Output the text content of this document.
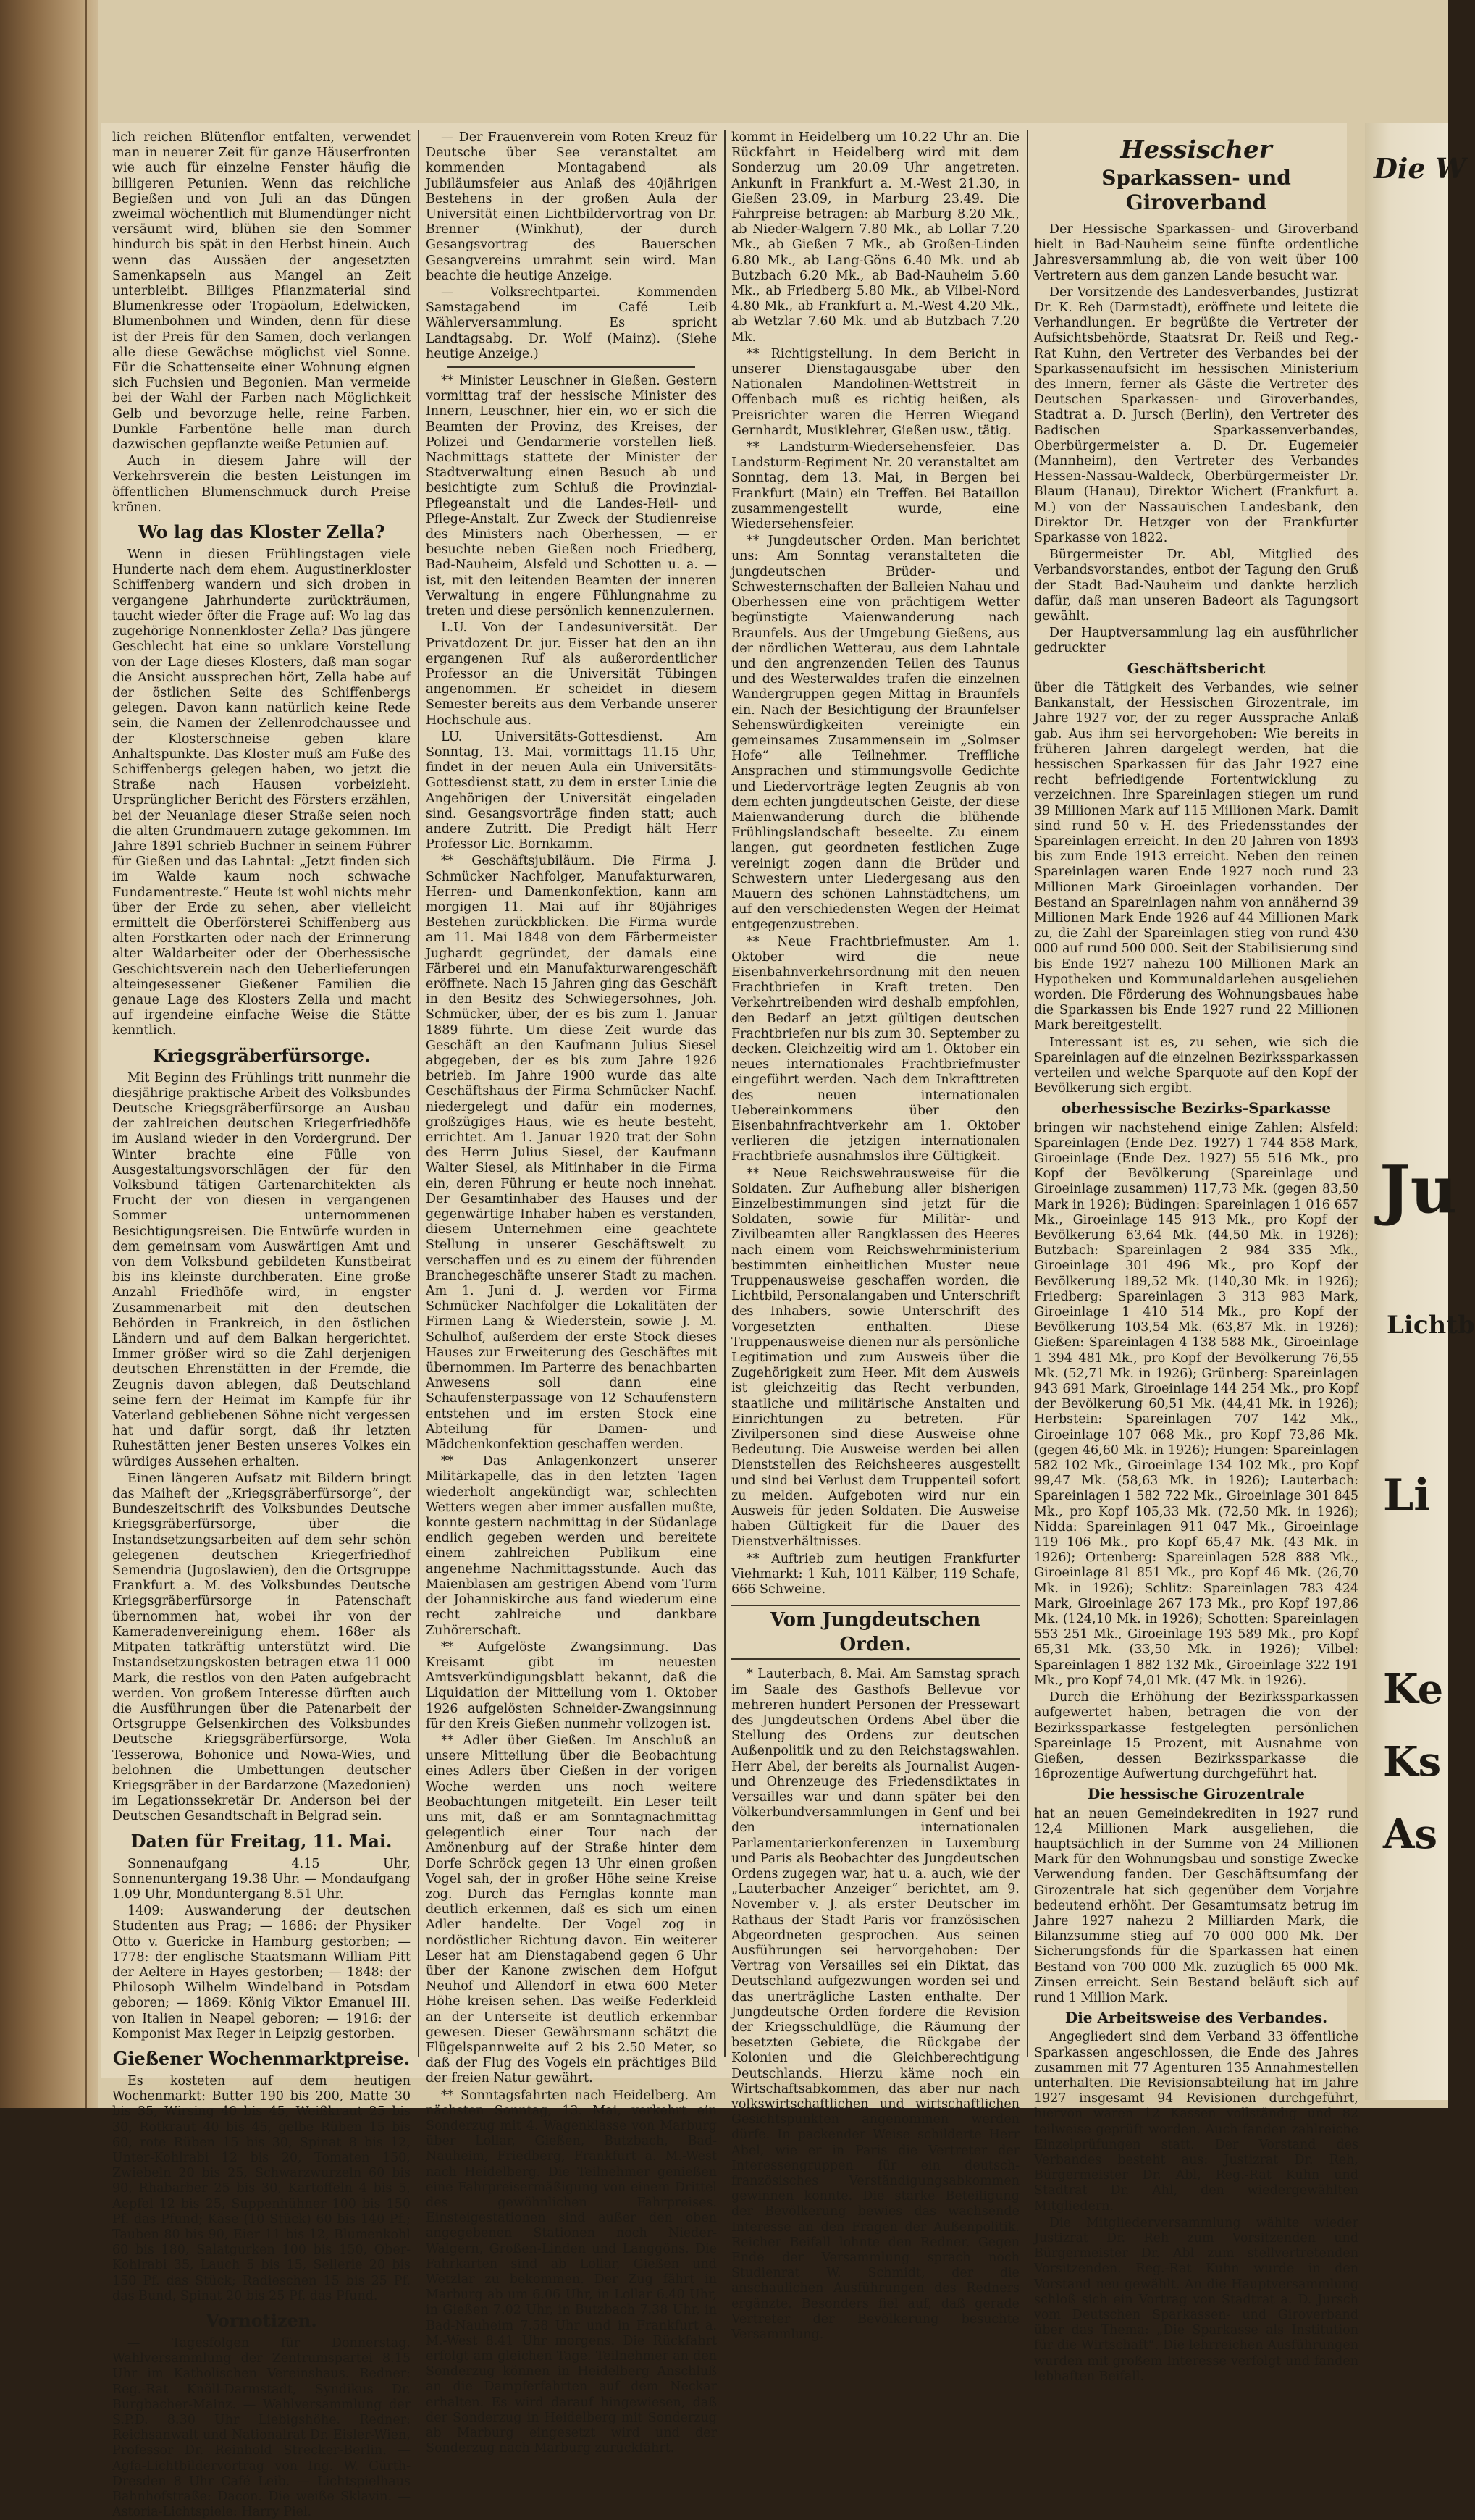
lich reichen Blütenflor entfalten, verwendet man in neuerer Zeit für ganze Häuserfronten wie auch für einzelne Fenster häufig die billigeren Petunien. Wenn das reichliche Begießen und von Juli an das Düngen zweimal wöchentlich mit Blumendünger nicht versäumt wird, blühen sie den Sommer hindurch bis spät in den Herbst hinein. Auch wenn das Aussäen der angesetzten Samenkapseln aus Mangel an Zeit unterbleibt. Billiges Pflanzmaterial sind Blumenkresse oder Tropäolum, Edelwicken, Blumenbohnen und Winden, denn für diese ist der Preis für den Samen, doch verlangen alle diese Gewächse möglichst viel Sonne. Für die Schattenseite einer Wohnung eignen sich Fuchsien und Begonien. Man vermeide bei der Wahl der Farben nach Möglichkeit Gelb und bevorzuge helle, reine Farben. Dunkle Farbentöne helle man durch dazwischen gepflanzte weiße Petunien auf.

Auch in diesem Jahre will der Verkehrsverein die besten Leistungen im öffentlichen Blumenschmuck durch Preise krönen.

Wo lag das Kloster Zella?

Wenn in diesen Frühlingstagen viele Hunderte nach dem ehem. Augustinerkloster Schiffenberg wandern und sich droben in vergangene Jahrhunderte zurückträumen, taucht wieder öfter die Frage auf: Wo lag das zugehörige Nonnenkloster Zella? Das jüngere Geschlecht hat eine so unklare Vorstellung von der Lage dieses Klosters, daß man sogar die Ansicht aussprechen hört, Zella habe auf der östlichen Seite des Schiffenbergs gelegen. Davon kann natürlich keine Rede sein, die Namen der Zellenrodchaussee und der Klosterschneise geben klare Anhaltspunkte. Das Kloster muß am Fuße des Schiffenbergs gelegen haben, wo jetzt die Straße nach Hausen vorbeizieht. Ursprünglicher Bericht des Försters erzählen, bei der Neuanlage dieser Straße seien noch die alten Grundmauern zutage gekommen. Im Jahre 1891 schrieb Buchner in seinem Führer für Gießen und das Lahntal: „Jetzt finden sich im Walde kaum noch schwache Fundamentreste.“ Heute ist wohl nichts mehr über der Erde zu sehen, aber vielleicht ermittelt die Oberförsterei Schiffenberg aus alten Forstkarten oder nach der Erinnerung alter Waldarbeiter oder der Oberhessische Geschichtsverein nach den Ueberlieferungen alteingesessener Gießener Familien die genaue Lage des Klosters Zella und macht auf irgendeine einfache Weise die Stätte kenntlich.

Kriegsgräberfürsorge.

Mit Beginn des Frühlings tritt nunmehr die diesjährige praktische Arbeit des Volksbundes Deutsche Kriegsgräberfürsorge an Ausbau der zahlreichen deutschen Kriegerfriedhöfe im Ausland wieder in den Vordergrund. Der Winter brachte eine Fülle von Ausgestaltungsvorschlägen der für den Volksbund tätigen Gartenarchitekten als Frucht der von diesen in vergangenen Sommer unternommenen Besichtigungsreisen. Die Entwürfe wurden in dem gemeinsam vom Auswärtigen Amt und von dem Volksbund gebildeten Kunstbeirat bis ins kleinste durchberaten. Eine große Anzahl Friedhöfe wird, in engster Zusammenarbeit mit den deutschen Behörden in Frankreich, in den östlichen Ländern und auf dem Balkan hergerichtet. Immer größer wird so die Zahl derjenigen deutschen Ehrenstätten in der Fremde, die Zeugnis davon ablegen, daß Deutschland seine fern der Heimat im Kampfe für ihr Vaterland gebliebenen Söhne nicht vergessen hat und dafür sorgt, daß ihr letzten Ruhestätten jener Besten unseres Volkes ein würdiges Aussehen erhalten.

Einen längeren Aufsatz mit Bildern bringt das Maiheft der „Kriegsgräberfürsorge“, der Bundeszeitschrift des Volksbundes Deutsche Kriegsgräberfürsorge, über die Instandsetzungsarbeiten auf dem sehr schön gelegenen deutschen Kriegerfriedhof Semendria (Jugoslawien), den die Ortsgruppe Frankfurt a. M. des Volksbundes Deutsche Kriegsgräberfürsorge in Patenschaft übernommen hat, wobei ihr von der Kameradenvereinigung ehem. 168er als Mitpaten tatkräftig unterstützt wird. Die Instandsetzungskosten betragen etwa 11 000 Mark, die restlos von den Paten aufgebracht werden. Von großem Interesse dürften auch die Ausführungen über die Patenarbeit der Ortsgruppe Gelsenkirchen des Volksbundes Deutsche Kriegsgräberfürsorge, Wola Tesserowa, Bohonice und Nowa-Wies, und belohnen die Umbettungen deutscher Kriegsgräber in der Bardarzone (Mazedonien) im Legationssekretär Dr. Anderson bei der Deutschen Gesandtschaft in Belgrad sein.

Daten für Freitag, 11. Mai.

Sonnenaufgang 4.15 Uhr, Sonnenuntergang 19.38 Uhr. — Mondaufgang 1.09 Uhr, Monduntergang 8.51 Uhr.

1409: Auswanderung der deutschen Studenten aus Prag; — 1686: der Physiker Otto v. Guericke in Hamburg gestorben; — 1778: der englische Staatsmann William Pitt der Aeltere in Hayes gestorben; — 1848: der Philosoph Wilhelm Windelband in Potsdam geboren; — 1869: König Viktor Emanuel III. von Italien in Neapel geboren; — 1916: der Komponist Max Reger in Leipzig gestorben.

Gießener Wochenmarktpreise.

Es kosteten auf dem heutigen Wochenmarkt: Butter 190 bis 200, Matte 30 bis 35, Wirsing 40 bis 45, Weißkraut 25 bis 30, Rotkraut 40 bis 45, gelbe Rüben 15 bis 60, rote Rüben 15 bis 30, Spinat 8 bis 12, Unter-Kohlrabi 12 bis 20, Tomaten 150, Zwiebeln 20 bis 25, Schwarzwurzeln 60 bis 90, Rhabarber 25 bis 30, Kartoffeln 4 bis 5, Aepfel 12 bis 25, Suppenhühner 100 bis 150 Pf. das Pfund; Käse (10 Stück) 60 bis 140 Pf.; Tauben 80 bis 90, Eier 11 bis 12, Blumenkohl 60 bis 180, Salatgurken 100 bis 150, Ober-Kohlrabi 35, Lauch 5 bis 15, Sellerie 20 bis 150 Pf. das Stück; Radieschen 15 bis 25 Pf. das Bund, Spinat 20 bis 25 Pf. das Pfund.

Vornotizen.

— Tagesfolgen für Donnerstag. Wahlversammlung der Zentrumspartei 8.15 Uhr im Katholischen Vereinshaus. Redner: Reg.-Rat Knöll-Darmstadt, Syndikus Dr. Burgbacher-Mainz. — Wahlversammlung der S.P.D. 8.30 Uhr Liebigshöhe. Redner: Reichsanwalt und Nationalrat Dr. Eisler-Wien, Professor Dr. Reinhold Strecker-Berlin. — Agfa-Lichtbildervortrag von Ing. W. Gürth-Dresden 8 Uhr Café Leib. — Lichtspielhaus Bahnhofstraße: Dacon. Die weiße Sklavin. — Astoria-Lichtspiele: Harry Piel.

— Der Frauenverein vom Roten Kreuz für Deutsche über See veranstaltet am kommenden Montagabend als Jubiläumsfeier aus Anlaß des 40jährigen Bestehens in der großen Aula der Universität einen Lichtbildervortrag von Dr. Brenner (Winkhut), der durch Gesangsvortrag des Bauerschen Gesangvereins umrahmt sein wird. Man beachte die heutige Anzeige.

— Volksrechtpartei. Kommenden Samstagabend im Café Leib Wählerversammlung. Es spricht Landtagsabg. Dr. Wolf (Mainz). (Siehe heutige Anzeige.)

** Minister Leuschner in Gießen. Gestern vormittag traf der hessische Minister des Innern, Leuschner, hier ein, wo er sich die Beamten der Provinz, des Kreises, der Polizei und Gendarmerie vorstellen ließ. Nachmittags stattete der Minister der Stadtverwaltung einen Besuch ab und besichtigte zum Schluß die Provinzial-Pflegeanstalt und die Landes-Heil- und Pflege-Anstalt. Zur Zweck der Studienreise des Ministers nach Oberhessen, — er besuchte neben Gießen noch Friedberg, Bad-Nauheim, Alsfeld und Schotten u. a. — ist, mit den leitenden Beamten der inneren Verwaltung in engere Fühlungnahme zu treten und diese persönlich kennenzulernen.

L.U. Von der Landesuniversität. Der Privatdozent Dr. jur. Eisser hat den an ihn ergangenen Ruf als außerordentlicher Professor an die Universität Tübingen angenommen. Er scheidet in diesem Semester bereits aus dem Verbande unserer Hochschule aus.

LU. Universitäts-Gottesdienst. Am Sonntag, 13. Mai, vormittags 11.15 Uhr, findet in der neuen Aula ein Universitäts-Gottesdienst statt, zu dem in erster Linie die Angehörigen der Universität eingeladen sind. Gesangsvorträge finden statt; auch andere Zutritt. Die Predigt hält Herr Professor Lic. Bornkamm.

** Geschäftsjubiläum. Die Firma J. Schmücker Nachfolger, Manufakturwaren, Herren- und Damenkonfektion, kann am morgigen 11. Mai auf ihr 80jähriges Bestehen zurückblicken. Die Firma wurde am 11. Mai 1848 von dem Färbermeister Jughardt gegründet, der damals eine Färberei und ein Manufakturwarengeschäft eröffnete. Nach 15 Jahren ging das Geschäft in den Besitz des Schwiegersohnes, Joh. Schmücker, über, der es bis zum 1. Januar 1889 führte. Um diese Zeit wurde das Geschäft an den Kaufmann Julius Siesel abgegeben, der es bis zum Jahre 1926 betrieb. Im Jahre 1900 wurde das alte Geschäftshaus der Firma Schmücker Nachf. niedergelegt und dafür ein modernes, großzügiges Haus, wie es heute besteht, errichtet. Am 1. Januar 1920 trat der Sohn des Herrn Julius Siesel, der Kaufmann Walter Siesel, als Mitinhaber in die Firma ein, deren Führung er heute noch innehat. Der Gesamtinhaber des Hauses und der gegenwärtige Inhaber haben es verstanden, diesem Unternehmen eine geachtete Stellung in unserer Geschäftswelt zu verschaffen und es zu einem der führenden Branchegeschäfte unserer Stadt zu machen. Am 1. Juni d. J. werden vor Firma Schmücker Nachfolger die Lokalitäten der Firmen Lang & Wiederstein, sowie J. M. Schulhof, außerdem der erste Stock dieses Hauses zur Erweiterung des Geschäftes mit übernommen. Im Parterre des benachbarten Anwesens soll dann eine Schaufensterpassage von 12 Schaufenstern entstehen und im ersten Stock eine Abteilung für Damen- und Mädchenkonfektion geschaffen werden.

** Das Anlagenkonzert unserer Militärkapelle, das in den letzten Tagen wiederholt angekündigt war, schlechten Wetters wegen aber immer ausfallen mußte, konnte gestern nachmittag in der Südanlage endlich gegeben werden und bereitete einem zahlreichen Publikum eine angenehme Nachmittagsstunde. Auch das Maienblasen am gestrigen Abend vom Turm der Johanniskirche aus fand wiederum eine recht zahlreiche und dankbare Zuhörerschaft.

** Aufgelöste Zwangsinnung. Das Kreisamt gibt im neuesten Amtsverkündigungsblatt bekannt, daß die Liquidation der Mitteilung vom 1. Oktober 1926 aufgelösten Schneider-Zwangsinnung für den Kreis Gießen nunmehr vollzogen ist.

** Adler über Gießen. Im Anschluß an unsere Mitteilung über die Beobachtung eines Adlers über Gießen in der vorigen Woche werden uns noch weitere Beobachtungen mitgeteilt. Ein Leser teilt uns mit, daß er am Sonntagnachmittag gelegentlich einer Tour nach der Amönenburg auf der Straße hinter dem Dorfe Schröck gegen 13 Uhr einen großen Vogel sah, der in großer Höhe seine Kreise zog. Durch das Fernglas konnte man deutlich erkennen, daß es sich um einen Adler handelte. Der Vogel zog in nordöstlicher Richtung davon. Ein weiterer Leser hat am Dienstagabend gegen 6 Uhr über der Kanone zwischen dem Hofgut Neuhof und Allendorf in etwa 600 Meter Höhe kreisen sehen. Das weiße Federkleid an der Unterseite ist deutlich erkennbar gewesen. Dieser Gewährsmann schätzt die Flügelspannweite auf 2 bis 2.50 Meter, so daß der Flug des Vogels ein prächtiges Bild der freien Natur gewährt.

** Sonntagsfahrten nach Heidelberg. Am nächsten Sonntag, 13. Mai, verkehrt ein Sonderzug mit 4. Wagenklasse von Marburg über Lollar, Gießen, Butzbach, Bad-Nauheim, Friedberg, Frankfurt a. M.-West nach Heidelberg. Die Teilnehmer genießen eine Fahrpreisermäßigung von einem Drittel des gewöhnlichen Fahrpreises. Einsteigestationen sind außer den oben angegebenen Stationen noch Nieder-Walgern, Großen-Linden und Langgöns. Die Fahrkarten sind ab Lollar, Gießen und Wetzlar zu bekommen. Der Zug fährt in Marburg ab um 6.06 Uhr, in Lollar 6.40 Uhr, in Gießen 7.02 Uhr, in Butzbach 7.38 Uhr, in Bad-Nauheim 7.58 Uhr und in Frankfurt a. M.-West 8.41 Uhr morgens. Die Rückfahrt erfolgt am gleichen Tage. Teilnehmer an den Sonderzug können in Heidelberg Anschluß an die Dampferfahrten auf dem Neckar erhalten. Es wird darauf hingewiesen, daß der Sonderzug in Heidelberg mit Sonderzug ab Marburg eingesetzt wird und der Sonderzug nach Marburg zurückfährt.

kommt in Heidelberg um 10.22 Uhr an. Die Rückfahrt in Heidelberg wird mit dem Sonderzug um 20.09 Uhr angetreten. Ankunft in Frankfurt a. M.-West 21.30, in Gießen 23.09, in Marburg 23.49. Die Fahrpreise betragen: ab Marburg 8.20 Mk., ab Nieder-Walgern 7.80 Mk., ab Lollar 7.20 Mk., ab Gießen 7 Mk., ab Großen-Linden 6.80 Mk., ab Lang-Göns 6.40 Mk. und ab Butzbach 6.20 Mk., ab Bad-Nauheim 5.60 Mk., ab Friedberg 5.80 Mk., ab Vilbel-Nord 4.80 Mk., ab Frankfurt a. M.-West 4.20 Mk., ab Wetzlar 7.60 Mk. und ab Butzbach 7.20 Mk.

** Richtigstellung. In dem Bericht in unserer Dienstagausgabe über den Nationalen Mandolinen-Wettstreit in Offenbach muß es richtig heißen, als Preisrichter waren die Herren Wiegand Gernhardt, Musiklehrer, Gießen usw., tätig.

** Landsturm-Wiedersehensfeier. Das Landsturm-Regiment Nr. 20 veranstaltet am Sonntag, dem 13. Mai, in Bergen bei Frankfurt (Main) ein Treffen. Bei Bataillon zusammengestellt wurde, eine Wiedersehensfeier.

** Jungdeutscher Orden. Man berichtet uns: Am Sonntag veranstalteten die jungdeutschen Brüder- und Schwesternschaften der Balleien Nahau und Oberhessen eine von prächtigem Wetter begünstigte Maienwanderung nach Braunfels. Aus der Umgebung Gießens, aus der nördlichen Wetterau, aus dem Lahntale und den angrenzenden Teilen des Taunus und des Westerwaldes trafen die einzelnen Wandergruppen gegen Mittag in Braunfels ein. Nach der Besichtigung der Braunfelser Sehenswürdigkeiten vereinigte ein gemeinsames Zusammensein im „Solmser Hofe“ alle Teilnehmer. Treffliche Ansprachen und stimmungsvolle Gedichte und Liedervorträge legten Zeugnis ab von dem echten jungdeutschen Geiste, der diese Maienwanderung durch die blühende Frühlingslandschaft beseelte. Zu einem langen, gut geordneten festlichen Zuge vereinigt zogen dann die Brüder und Schwestern unter Liedergesang aus den Mauern des schönen Lahnstädtchens, um auf den verschiedensten Wegen der Heimat entgegenzustreben.

** Neue Frachtbriefmuster. Am 1. Oktober wird die neue Eisenbahnverkehrsordnung mit den neuen Frachtbriefen in Kraft treten. Den Verkehrtreibenden wird deshalb empfohlen, den Bedarf an jetzt gültigen deutschen Frachtbriefen nur bis zum 30. September zu decken. Gleichzeitig wird am 1. Oktober ein neues internationales Frachtbriefmuster eingeführt werden. Nach dem Inkrafttreten des neuen internationalen Uebereinkommens über den Eisenbahnfrachtverkehr am 1. Oktober verlieren die jetzigen internationalen Frachtbriefe ausnahmslos ihre Gültigkeit.

** Neue Reichswehrausweise für die Soldaten. Zur Aufhebung aller bisherigen Einzelbestimmungen sind jetzt für die Soldaten, sowie für Militär- und Zivilbeamten aller Rangklassen des Heeres nach einem vom Reichswehrministerium bestimmten einheitlichen Muster neue Truppenausweise geschaffen worden, die Lichtbild, Personalangaben und Unterschrift des Inhabers, sowie Unterschrift des Vorgesetzten enthalten. Diese Truppenausweise dienen nur als persönliche Legitimation und zum Ausweis über die Zugehörigkeit zum Heer. Mit dem Ausweis ist gleichzeitig das Recht verbunden, staatliche und militärische Anstalten und Einrichtungen zu betreten. Für Zivilpersonen sind diese Ausweise ohne Bedeutung. Die Ausweise werden bei allen Dienststellen des Reichsheeres ausgestellt und sind bei Verlust dem Truppenteil sofort zu melden. Aufgeboten wird nur ein Ausweis für jeden Soldaten. Die Ausweise haben Gültigkeit für die Dauer des Dienstverhältnisses.

** Auftrieb zum heutigen Frankfurter Viehmarkt: 1 Kuh, 1011 Kälber, 119 Schafe, 666 Schweine.

Vom Jungdeutschen Orden.

* Lauterbach, 8. Mai. Am Samstag sprach im Saale des Gasthofs Bellevue vor mehreren hundert Personen der Pressewart des Jungdeutschen Ordens Abel über die Stellung des Ordens zur deutschen Außenpolitik und zu den Reichstagswahlen. Herr Abel, der bereits als Journalist Augen- und Ohrenzeuge des Friedensdiktates in Versailles war und dann später bei den Völkerbundversammlungen in Genf und bei den internationalen Parlamentarierkonferenzen in Luxemburg und Paris als Beobachter des Jungdeutschen Ordens zugegen war, hat u. a. auch, wie der „Lauterbacher Anzeiger“ berichtet, am 9. November v. J. als erster Deutscher im Rathaus der Stadt Paris vor französischen Abgeordneten gesprochen. Aus seinen Ausführungen sei hervorgehoben: Der Vertrag von Versailles sei ein Diktat, das Deutschland aufgezwungen worden sei und das unerträgliche Lasten enthalte. Der Jungdeutsche Orden fordere die Revision der Kriegsschuldlüge, die Räumung der besetzten Gebiete, die Rückgabe der Kolonien und die Gleichberechtigung Deutschlands. Hierzu käme noch ein Wirtschaftsabkommen, das aber nur nach volkswirtschaftlichen und wirtschaftlichen Gesichtspunkten angenommen werden dürfe. In packender Weise schilderte Herr Abel, wie er in Paris die Vertreter der Interessengruppen für ein deutsch-französisches Verständigungsabkommen gewinnen konnte. Die starke Beteiligung der Bevölkerung bewies das wachsende Interesse an den Fragen der Außenpolitik. Reicher Beifall lohnte den Redner. Gegen Ende der Versammlung sprach noch Studienrat W. Schmidt, der die anschaulichen Ausführungen des Redners ergänzte. Besonders fiel auf, daß gerade Vertreter der Bevölkerung besuchte Versammlung.

Hessischer
Sparkassen- und Giroverband

Der Hessische Sparkassen- und Giroverband hielt in Bad-Nauheim seine fünfte ordentliche Jahresversammlung ab, die von weit über 100 Vertretern aus dem ganzen Lande besucht war.

Der Vorsitzende des Landesverbandes, Justizrat Dr. K. Reh (Darmstadt), eröffnete und leitete die Verhandlungen. Er begrüßte die Vertreter der Aufsichtsbehörde, Staatsrat Dr. Reiß und Reg.-Rat Kuhn, den Vertreter des Verbandes bei der Sparkassenaufsicht im hessischen Ministerium des Innern, ferner als Gäste die Vertreter des Deutschen Sparkassen- und Giroverbandes, Stadtrat a. D. Jursch (Berlin), den Vertreter des Badischen Sparkassenverbandes, Oberbürgermeister a. D. Dr. Eugemeier (Mannheim), den Vertreter des Verbandes Hessen-Nassau-Waldeck, Oberbürgermeister Dr. Blaum (Hanau), Direktor Wichert (Frankfurt a. M.) von der Nassauischen Landesbank, den Direktor Dr. Hetzger von der Frankfurter Sparkasse von 1822.

Bürgermeister Dr. Abl, Mitglied des Verbandsvorstandes, entbot der Tagung den Gruß der Stadt Bad-Nauheim und dankte herzlich dafür, daß man unseren Badeort als Tagungsort gewählt.

Der Hauptversammlung lag ein ausführlicher gedruckter

Geschäftsbericht

über die Tätigkeit des Verbandes, wie seiner Bankanstalt, der Hessischen Girozentrale, im Jahre 1927 vor, der zu reger Aussprache Anlaß gab. Aus ihm sei hervorgehoben: Wie bereits in früheren Jahren dargelegt werden, hat die hessischen Sparkassen für das Jahr 1927 eine recht befriedigende Fortentwicklung zu verzeichnen. Ihre Spareinlagen stiegen um rund 39 Millionen Mark auf 115 Millionen Mark. Damit sind rund 50 v. H. des Friedensstandes der Spareinlagen erreicht. In den 20 Jahren von 1893 bis zum Ende 1913 erreicht. Neben den reinen Spareinlagen waren Ende 1927 noch rund 23 Millionen Mark Giroeinlagen vorhanden. Der Bestand an Spareinlagen nahm von annähernd 39 Millionen Mark Ende 1926 auf 44 Millionen Mark zu, die Zahl der Spareinlagen stieg von rund 430 000 auf rund 500 000. Seit der Stabilisierung sind bis Ende 1927 nahezu 100 Millionen Mark an Hypotheken und Kommunaldarlehen ausgeliehen worden. Die Förderung des Wohnungsbaues habe die Sparkassen bis Ende 1927 rund 22 Millionen Mark bereitgestellt.

Interessant ist es, zu sehen, wie sich die Spareinlagen auf die einzelnen Bezirkssparkassen verteilen und welche Sparquote auf den Kopf der Bevölkerung sich ergibt.

oberhessische Bezirks-Sparkasse

bringen wir nachstehend einige Zahlen: Alsfeld: Spareinlagen (Ende Dez. 1927) 1 744 858 Mark, Giroeinlage (Ende Dez. 1927) 55 516 Mk., pro Kopf der Bevölkerung (Spareinlage und Giroeinlage zusammen) 117,73 Mk. (gegen 83,50 Mark in 1926); Büdingen: Spareinlagen 1 016 657 Mk., Giroeinlage 145 913 Mk., pro Kopf der Bevölkerung 63,64 Mk. (44,50 Mk. in 1926); Butzbach: Spareinlagen 2 984 335 Mk., Giroeinlage 301 496 Mk., pro Kopf der Bevölkerung 189,52 Mk. (140,30 Mk. in 1926); Friedberg: Spareinlagen 3 313 983 Mark, Giroeinlage 1 410 514 Mk., pro Kopf der Bevölkerung 103,54 Mk. (63,87 Mk. in 1926); Gießen: Spareinlagen 4 138 588 Mk., Giroeinlage 1 394 481 Mk., pro Kopf der Bevölkerung 76,55 Mk. (52,71 Mk. in 1926); Grünberg: Spareinlagen 943 691 Mark, Giroeinlage 144 254 Mk., pro Kopf der Bevölkerung 60,51 Mk. (44,41 Mk. in 1926); Herbstein: Spareinlagen 707 142 Mk., Giroeinlage 107 068 Mk., pro Kopf 73,86 Mk. (gegen 46,60 Mk. in 1926); Hungen: Spareinlagen 582 102 Mk., Giroeinlage 134 102 Mk., pro Kopf 99,47 Mk. (58,63 Mk. in 1926); Lauterbach: Spareinlagen 1 582 722 Mk., Giroeinlage 301 845 Mk., pro Kopf 105,33 Mk. (72,50 Mk. in 1926); Nidda: Spareinlagen 911 047 Mk., Giroeinlage 119 106 Mk., pro Kopf 65,47 Mk. (43 Mk. in 1926); Ortenberg: Spareinlagen 528 888 Mk., Giroeinlage 81 851 Mk., pro Kopf 46 Mk. (26,70 Mk. in 1926); Schlitz: Spareinlagen 783 424 Mark, Giroeinlage 267 173 Mk., pro Kopf 197,86 Mk. (124,10 Mk. in 1926); Schotten: Spareinlagen 553 251 Mk., Giroeinlage 193 589 Mk., pro Kopf 65,31 Mk. (33,50 Mk. in 1926); Vilbel: Spareinlagen 1 882 132 Mk., Giroeinlage 322 191 Mk., pro Kopf 74,01 Mk. (47 Mk. in 1926).

Durch die Erhöhung der Bezirkssparkassen aufgewertet haben, betragen die von der Bezirkssparkasse festgelegten persönlichen Spareinlage 15 Prozent, mit Ausnahme von Gießen, dessen Bezirkssparkasse die 16prozentige Aufwertung durchgeführt hat.

Die hessische Girozentrale

hat an neuen Gemeindekrediten in 1927 rund 12,4 Millionen Mark ausgeliehen, die hauptsächlich in der Summe von 24 Millionen Mark für den Wohnungsbau und sonstige Zwecke Verwendung fanden. Der Geschäftsumfang der Girozentrale hat sich gegenüber dem Vorjahre bedeutend erhöht. Der Gesamtumsatz betrug im Jahre 1927 nahezu 2 Milliarden Mark, die Bilanzsumme stieg auf 70 000 000 Mk. Der Sicherungsfonds für die Sparkassen hat einen Bestand von 700 000 Mk. zuzüglich 65 000 Mk. Zinsen erreicht. Sein Bestand beläuft sich auf rund 1 Million Mark.

Die Arbeitsweise des Verbandes.

Angegliedert sind dem Verband 33 öffentliche Sparkassen angeschlossen, die Ende des Jahres zusammen mit 77 Agenturen 135 Annahmestellen unterhalten. Die Revisionsabteilung hat im Jahre 1927 insgesamt 94 Revisionen durchgeführt, hiervon waren 12 Kassen vollständig und 82 teilweise geprüft worden. Auch fanden zahlreiche Einzelprüfungen statt. Der Vorstand des Verbandes besteht aus: Justizrat Dr. Reh, Bürgermeister Dr. Abl, Reg.-Rat Kuhn und Stadtrat Dr. Ahl, den wiedergewählten Mitgliedern.

Die Mitgliederversammlung wählte wieder Justizrat Dr. Reh zum Vorsitzenden und Bürgermeister Dr. Abl zum stellvertretenden Vorsitzenden. Reg.-Rat Kuhn wurde in den Vorstand neu gewählt. An die Hauptversammlung schloß sich ein Vortrag von Stadtrat a. D. Jursch vom Deutschen Sparkassen- und Giroverband über das Thema: „Die Sparkasse als Institution für die Wirtschaft“. Die lehrreichen Ausführungen wurden mit großem Interesse verfolgt und fanden lebhaften Beifall.

Die W
Ju
Lichtb
Li
Ke
Ks
As
